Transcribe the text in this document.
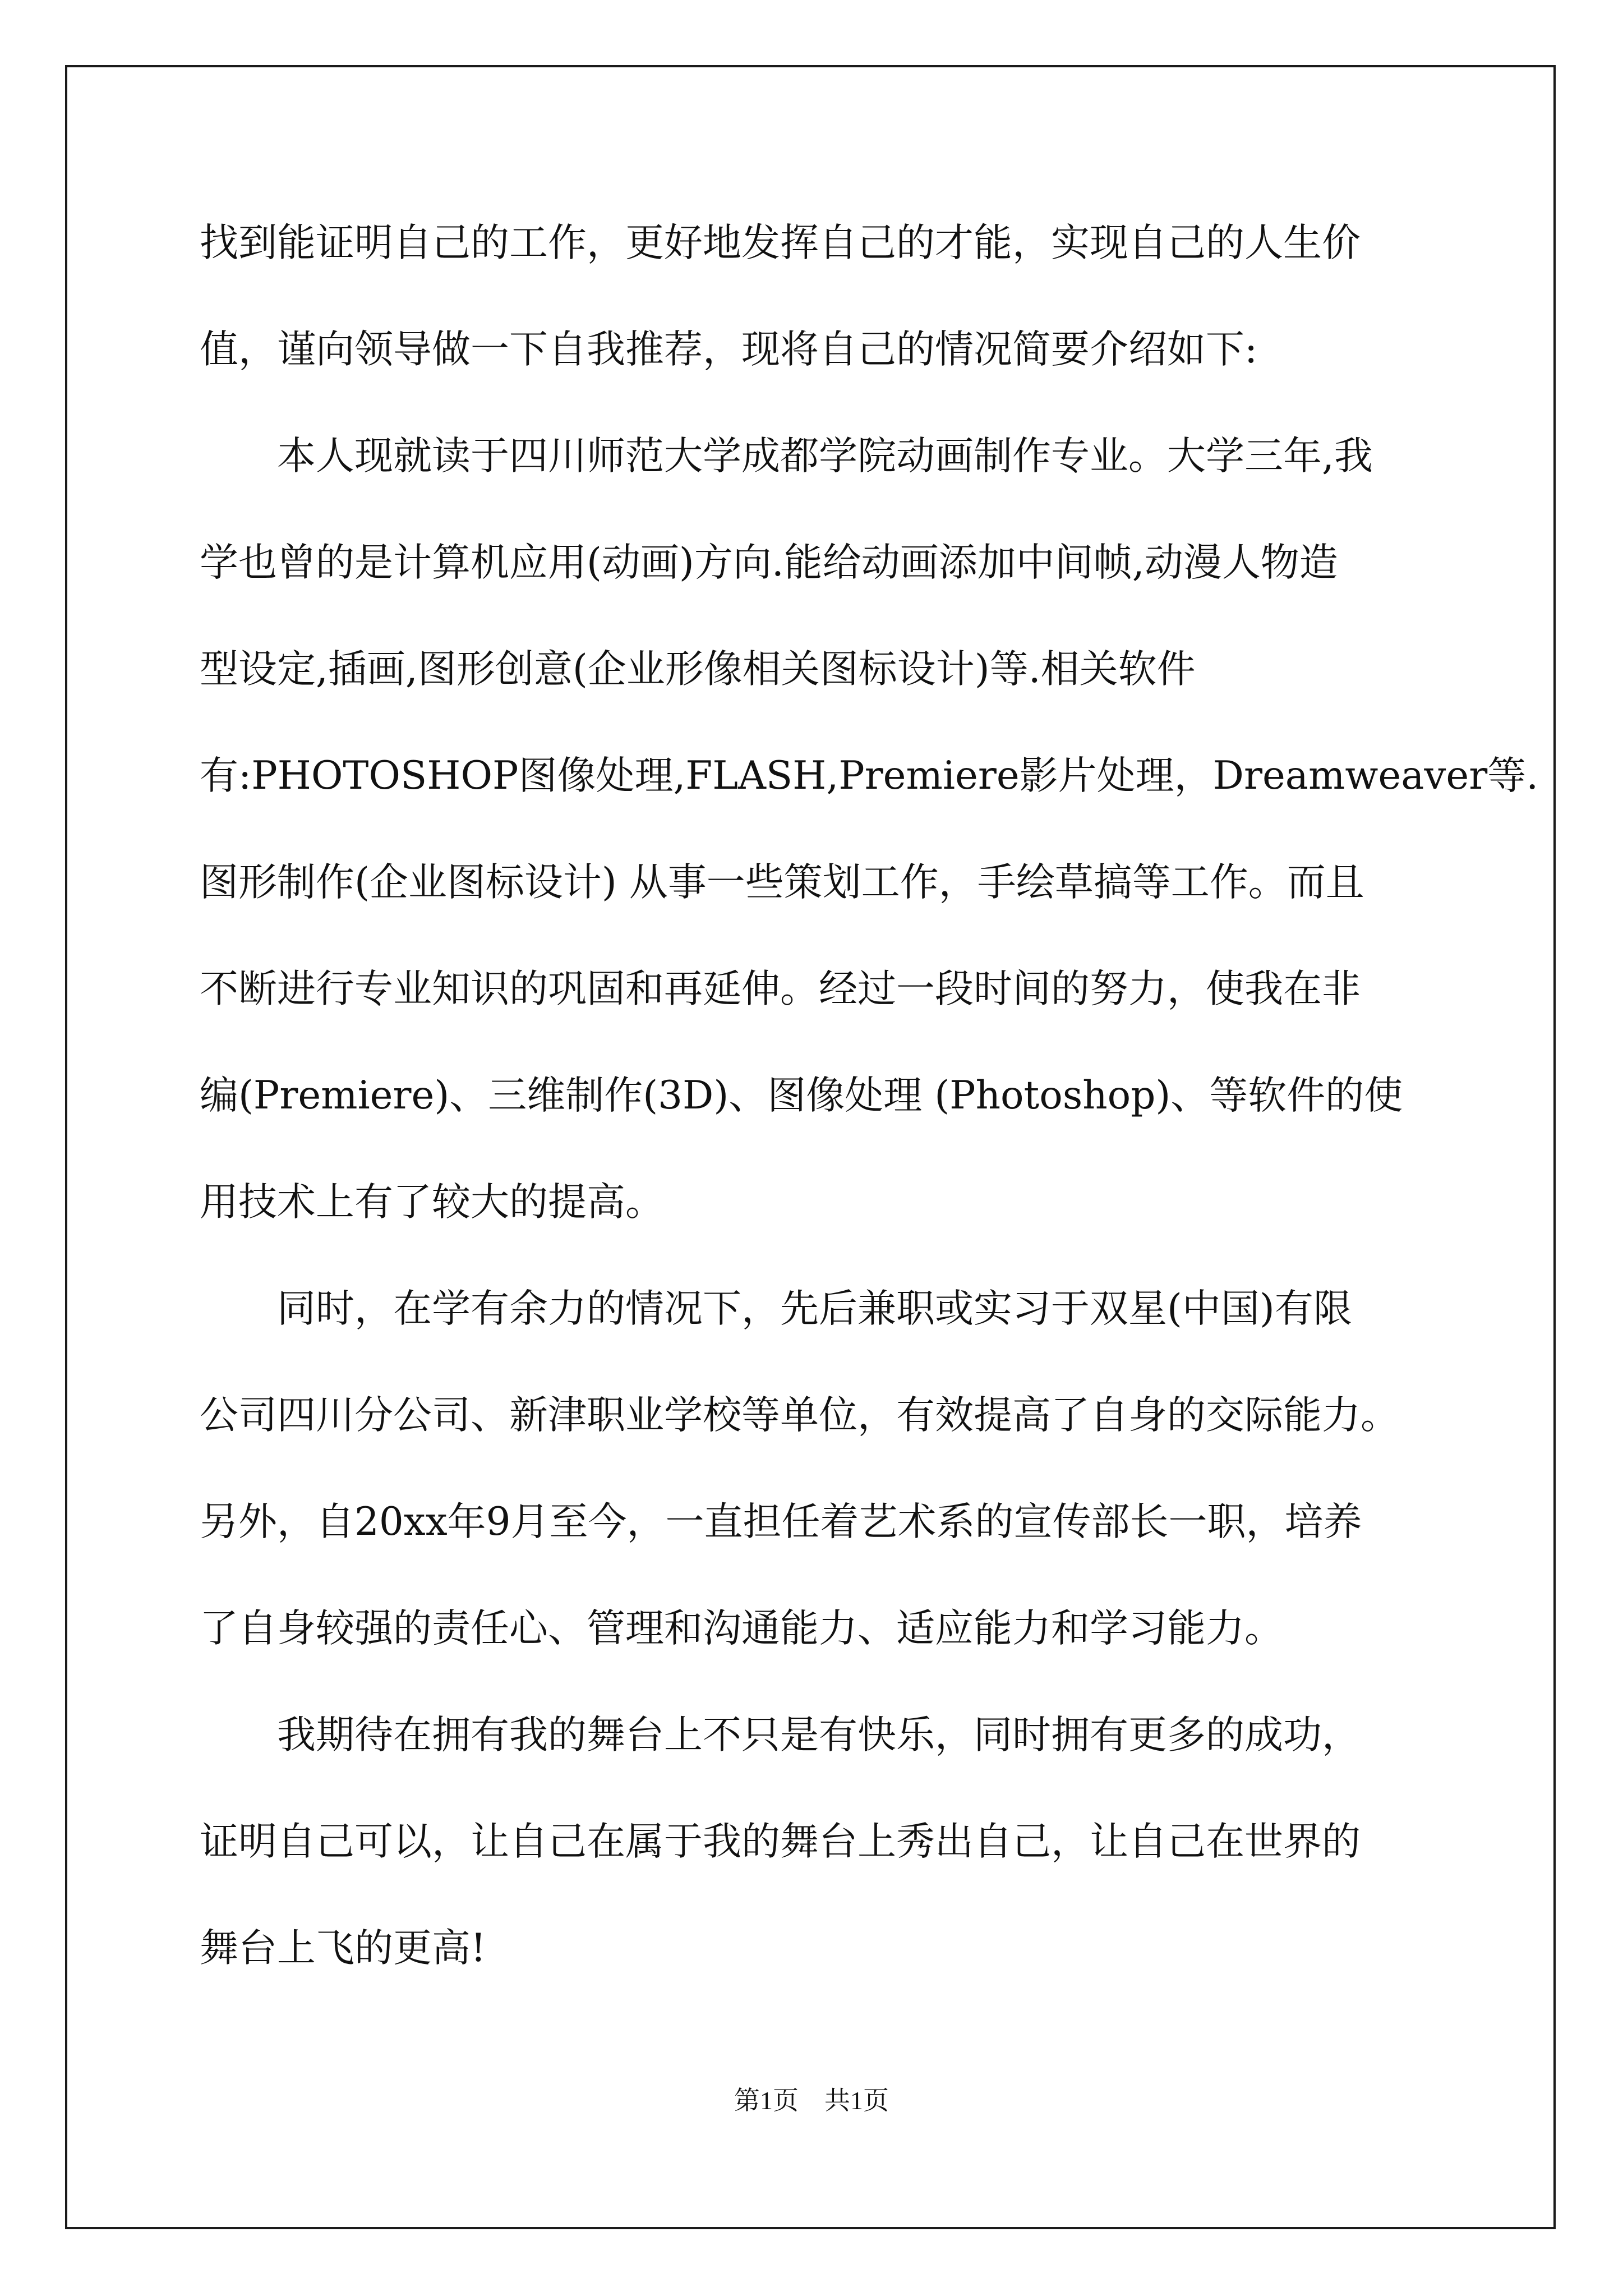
找到能证明自己的工作，更好地发挥自己的才能，实现自己的人生价
值，谨向领导做一下自我推荐，现将自己的情况简要介绍如下:
　　本人现就读于四川师范大学成都学院动画制作专业。大学三年,我
学也曾的是计算机应用(动画)方向.能给动画添加中间帧,动漫人物造
型设定,插画,图形创意(企业形像相关图标设计)等.相关软件
有:PHOTOSHOP图像处理,FLASH,Premiere影片处理，Dreamweaver等.
图形制作(企业图标设计) 从事一些策划工作，手绘草搞等工作。而且
不断进行专业知识的巩固和再延伸。经过一段时间的努力，使我在非
编(Premiere)、三维制作(3D)、图像处理 (Photoshop)、等软件的使
用技术上有了较大的提高。
　　同时，在学有余力的情况下，先后兼职或实习于双星(中国)有限
公司四川分公司、新津职业学校等单位，有效提高了自身的交际能力。
另外，自20xx年9月至今，一直担任着艺术系的宣传部长一职，培养
了自身较强的责任心、管理和沟通能力、适应能力和学习能力。
　　我期待在拥有我的舞台上不只是有快乐，同时拥有更多的成功，
证明自己可以，让自己在属于我的舞台上秀出自己，让自己在世界的
舞台上飞的更高!
第1页　共1页
